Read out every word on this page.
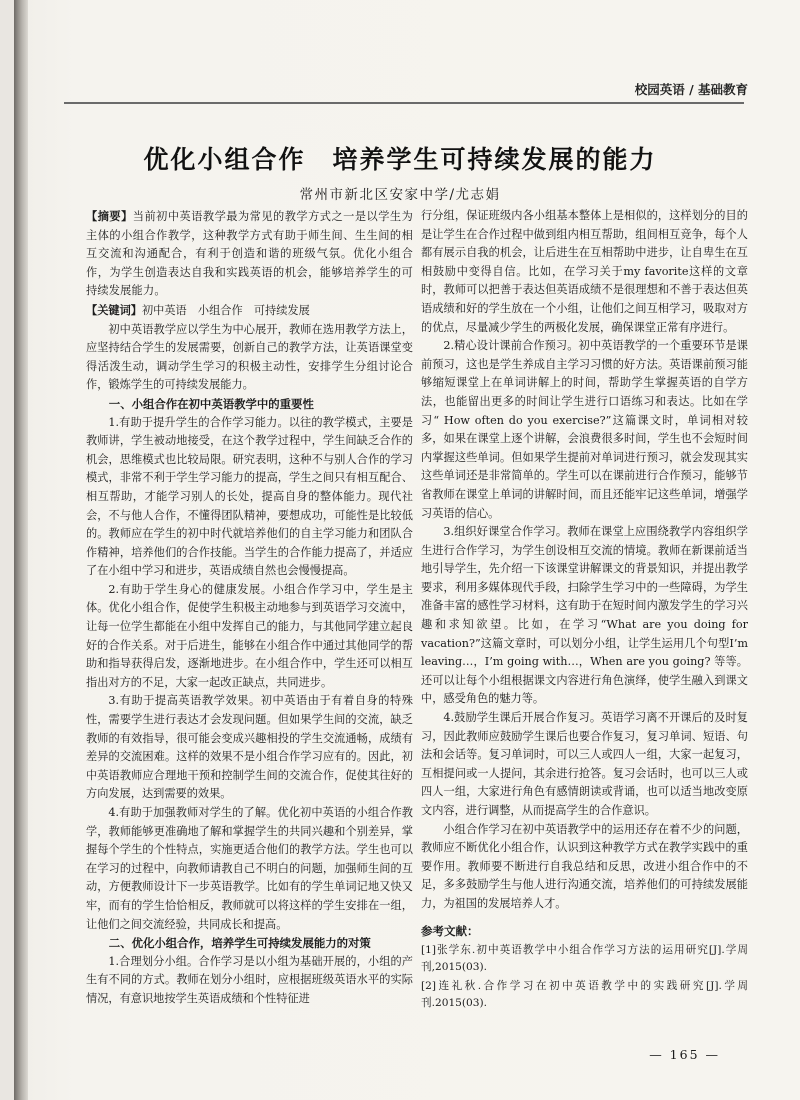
校园英语 / 基础教育
优化小组合作　培养学生可持续发展的能力
常州市新北区安家中学/尤志娟

【摘要】当前初中英语教学最为常见的教学方式之一是以学生为主体的小组合作教学，这种教学方式有助于师生间、生生间的相互交流和沟通配合，有利于创造和谐的班级气氛。优化小组合作，为学生创造表达自我和实践英语的机会，能够培养学生的可持续发展能力。

【关键词】初中英语　小组合作　可持续发展

初中英语教学应以学生为中心展开，教师在选用教学方法上，应坚持结合学生的发展需要，创新自己的教学方法，让英语课堂变得活泼生动，调动学生学习的积极主动性，安排学生分组讨论合作，锻炼学生的可持续发展能力。

一、小组合作在初中英语教学中的重要性

1.有助于提升学生的合作学习能力。以往的教学模式，主要是教师讲，学生被动地接受，在这个教学过程中，学生间缺乏合作的机会，思维模式也比较局限。研究表明，这种不与别人合作的学习模式，非常不利于学生学习能力的提高，学生之间只有相互配合、相互帮助，才能学习别人的长处，提高自身的整体能力。现代社会，不与他人合作，不懂得团队精神，要想成功，可能性是比较低的。教师应在学生的初中时代就培养他们的自主学习能力和团队合作精神，培养他们的合作技能。当学生的合作能力提高了，并适应了在小组中学习和进步，英语成绩自然也会慢慢提高。

2.有助于学生身心的健康发展。小组合作学习中，学生是主体。优化小组合作，促使学生积极主动地参与到英语学习交流中，让每一位学生都能在小组中发挥自己的能力，与其他同学建立起良好的合作关系。对于后进生，能够在小组合作中通过其他同学的帮助和指导获得启发，逐渐地进步。在小组合作中，学生还可以相互指出对方的不足，大家一起改正缺点，共同进步。

3.有助于提高英语教学效果。初中英语由于有着自身的特殊性，需要学生进行表达才会发现问题。但如果学生间的交流，缺乏教师的有效指导，很可能会变成兴趣相投的学生交流通畅，成绩有差异的交流困难。这样的效果不是小组合作学习应有的。因此，初中英语教师应合理地干预和控制学生间的交流合作，促使其往好的方向发展，达到需要的效果。

4.有助于加强教师对学生的了解。优化初中英语的小组合作教学，教师能够更准确地了解和掌握学生的共同兴趣和个别差异，掌握每个学生的个性特点，实施更适合他们的教学方法。学生也可以在学习的过程中，向教师请教自己不明白的问题，加强师生间的互动，方便教师设计下一步英语教学。比如有的学生单词记地又快又牢，而有的学生恰恰相反，教师就可以将这样的学生安排在一组，让他们之间交流经验，共同成长和提高。

二、优化小组合作，培养学生可持续发展能力的对策

1.合理划分小组。合作学习是以小组为基础开展的，小组的产生有不同的方式。教师在划分小组时，应根据班级英语水平的实际情况，有意识地按学生英语成绩和个性特征进

行分组，保证班级内各小组基本整体上是相似的，这样划分的目的是让学生在合作过程中做到组内相互帮助，组间相互竞争，每个人都有展示自我的机会，让后进生在互相帮助中进步，让自卑生在互相鼓励中变得自信。比如，在学习关于my favorite这样的文章时，教师可以把善于表达但英语成绩不是很理想和不善于表达但英语成绩和好的学生放在一个小组，让他们之间互相学习，吸取对方的优点，尽量减少学生的两极化发展，确保课堂正常有序进行。

2.精心设计课前合作预习。初中英语教学的一个重要环节是课前预习，这也是学生养成自主学习习惯的好方法。英语课前预习能够缩短课堂上在单词讲解上的时间，帮助学生掌握英语的自学方法，也能留出更多的时间让学生进行口语练习和表达。比如在学习“ How often do you exercise?”这篇课文时，单词相对较多，如果在课堂上逐个讲解，会浪费很多时间，学生也不会短时间内掌握这些单词。但如果学生提前对单词进行预习，就会发现其实这些单词还是非常简单的。学生可以在课前进行合作预习，能够节省教师在课堂上单词的讲解时间，而且还能牢记这些单词，增强学习英语的信心。

3.组织好课堂合作学习。教师在课堂上应围绕教学内容组织学生进行合作学习，为学生创设相互交流的情境。教师在新课前适当地引导学生，先介绍一下该课堂讲解课文的背景知识，并提出教学要求，利用多媒体现代手段，扫除学生学习中的一些障碍，为学生准备丰富的感性学习材料，这有助于在短时间内激发学生的学习兴趣和求知欲望。比如，在学习“What are you doing for vacation?”这篇文章时，可以划分小组，让学生运用几个句型I’m leaving…，I’m going with…，When are you going? 等等。还可以让每个小组根据课文内容进行角色演绎，使学生融入到课文中，感受角色的魅力等。

4.鼓励学生课后开展合作复习。英语学习离不开课后的及时复习，因此教师应鼓励学生课后也要合作复习，复习单词、短语、句法和会话等。复习单词时，可以三人或四人一组，大家一起复习，互相提问或一人提问，其余进行抢答。复习会话时，也可以三人或四人一组，大家进行角色有感情朗读或背诵，也可以适当地改变原文内容，进行调整，从而提高学生的合作意识。

小组合作学习在初中英语教学中的运用还存在着不少的问题，教师应不断优化小组合作，认识到这种教学方式在教学实践中的重要作用。教师要不断进行自我总结和反思，改进小组合作中的不足，多多鼓励学生与他人进行沟通交流，培养他们的可持续发展能力，为祖国的发展培养人才。

参考文献：

[1]张学东.初中英语教学中小组合作学习方法的运用研究[J].学周刊,2015(03).

[2]连礼秋.合作学习在初中英语教学中的实践研究[J].学周刊.2015(03).

— 165 —
